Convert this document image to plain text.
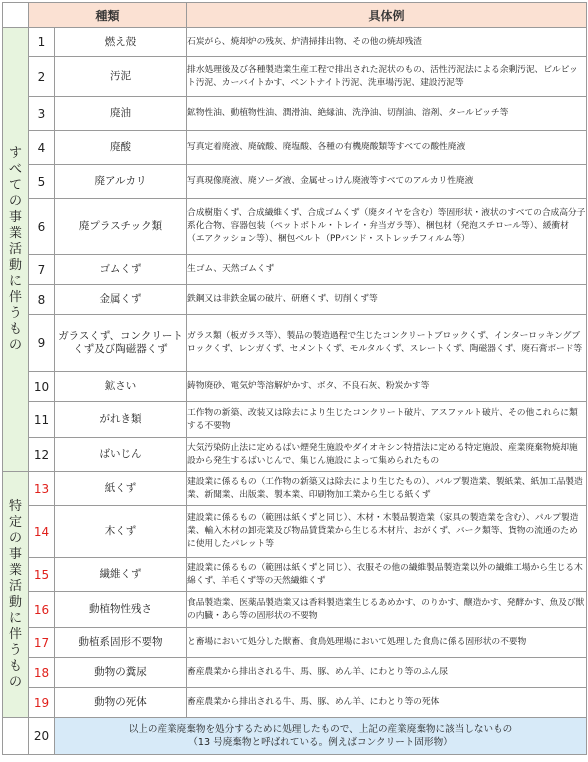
	種類		具体例
すべての事業活動に伴うもの	1	燃え殻	石炭がら、焼却炉の残灰、炉清掃排出物、その他の焼却残渣
	2	汚泥	排水処理後及び各種製造業生産工程で排出された泥状のもの、活性汚泥法による余剰汚泥、ビルピット汚泥、カーバイトかす、ベントナイト汚泥、洗車場汚泥、建設汚泥等
	3	廃油	鉱物性油、動植物性油、潤滑油、絶縁油、洗浄油、切削油、溶剤、タールピッチ等
	4	廃酸	写真定着廃液、廃硫酸、廃塩酸、各種の有機廃酸類等すべての酸性廃液
	5	廃アルカリ	写真現像廃液、廃ソーダ液、金属せっけん廃液等すべてのアルカリ性廃液
	6	廃プラスチック類	合成樹脂くず、合成繊維くず、合成ゴムくず（廃タイヤを含む）等固形状・液状のすべての合成高分子系化合物、容器包装（ペットボトル・トレイ・弁当ガラ等）、梱包材（発泡スチロール等）、緩衝材（エアクッション等）、梱包ベルト（PPバンド・ストレッチフィルム等）
	7	ゴムくず	生ゴム、天然ゴムくず
	8	金属くず	鉄鋼又は非鉄金属の破片、研磨くず、切削くず等
	9	ガラスくず、コンクリートくず及び陶磁器くず	ガラス類（板ガラス等）、製品の製造過程で生じたコンクリートブロックくず、インターロッキングブロックくず、レンガくず、セメントくず、モルタルくず、スレートくず、陶磁器くず、廃石膏ボード等
	10	鉱さい	鋳物廃砂、電気炉等溶解炉かす、ボタ、不良石灰、粉炭かす等
	11	がれき類	工作物の新築、改装又は除去により生じたコンクリート破片、アスファルト破片、その他これらに類する不要物
	12	ばいじん	大気汚染防止法に定めるばい煙発生施設やダイオキシン特措法に定める特定施設、産業廃棄物焼却施設から発生するばいじんで、集じん施設によって集められたもの
特定の事業活動に伴うもの	13	紙くず	建設業に係るもの（工作物の新築又は除去により生じたもの）、パルプ製造業、製紙業、紙加工品製造業、新聞業、出版業、製本業、印刷物加工業から生じる紙くず
	14	木くず	建設業に係るもの（範囲は紙くずと同じ）、木材・木製品製造業（家具の製造業を含む）、パルプ製造業、輸入木材の卸売業及び物品賃貸業から生じる木材片、おがくず、バーク類等、貨物の流通のために使用したパレット等
	15	繊維くず	建設業に係るもの（範囲は紙くずと同じ）、衣服その他の繊維製品製造業以外の繊維工場から生じる木綿くず、羊毛くず等の天然繊維くず
	16	動植物性残さ	食品製造業、医薬品製造業又は香料製造業生じるあめかす、のりかす、醸造かす、発酵かす、魚及び獣の内臓・あら等の固形状の不要物
	17	動植系固形不要物	と畜場において処分した獣畜、食鳥処理場において処理した食鳥に係る固形状の不要物
	18	動物の糞尿	畜産農業から排出される牛、馬、豚、めん羊、にわとり等のふん尿
	19	動物の死体	畜産農業から排出される牛、馬、豚、めん羊、にわとり等の死体
	20	以上の産業廃棄物を処分するために処理したもので、上記の産業廃棄物に該当しないもの
（13 号廃棄物と呼ばれている。例えばコンクリート固形物）	
